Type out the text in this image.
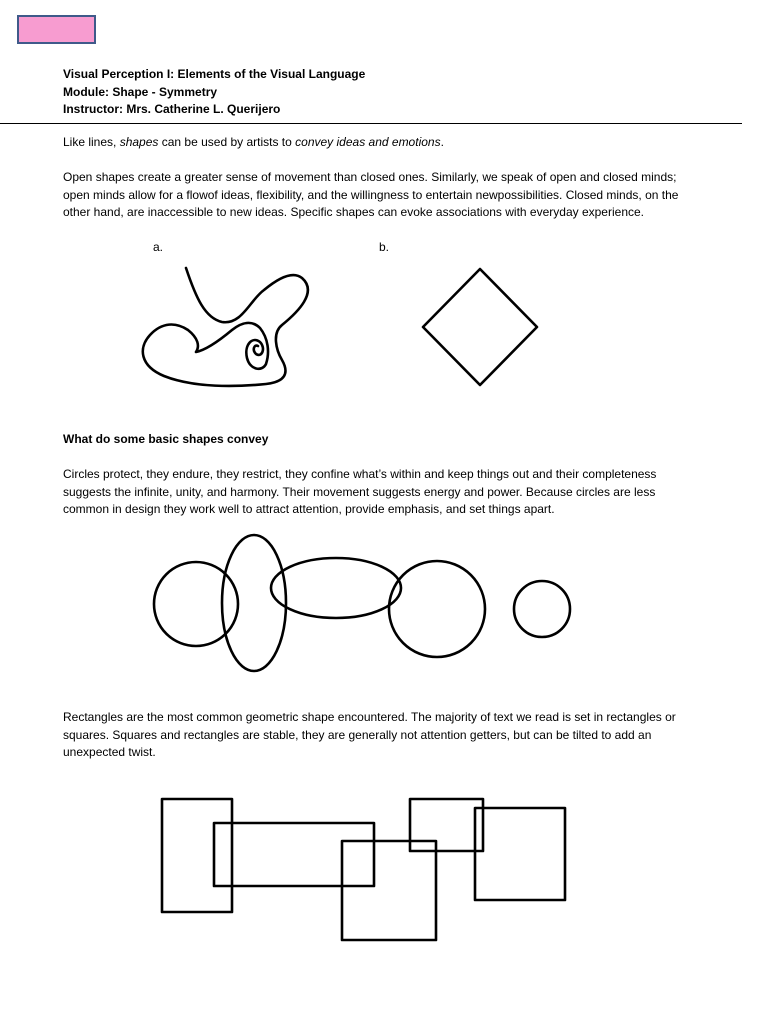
Visual Perception I: Elements of the Visual Language
Module: Shape - Symmetry
Instructor: Mrs. Catherine L. Querijero
Like lines, shapes can be used by artists to convey ideas and emotions.
Open shapes create a greater sense of movement than closed ones. Similarly, we speak of open and closed minds;
open minds allow for a flowof ideas, flexibility, and the willingness to entertain newpossibilities. Closed minds, on the
other hand, are inaccessible to new ideas. Specific shapes can evoke associations with everyday experience.
a.	b.
What do some basic shapes convey
Circles protect, they endure, they restrict, they confine what’s within and keep things out and their completeness
suggests the infinite, unity, and harmony. Their movement suggests energy and power. Because circles are less
common in design they work well to attract attention, provide emphasis, and set things apart.
Rectangles are the most common geometric shape encountered. The majority of text we read is set in rectangles or
squares. Squares and rectangles are stable, they are generally not attention getters, but can be tilted to add an
unexpected twist.
